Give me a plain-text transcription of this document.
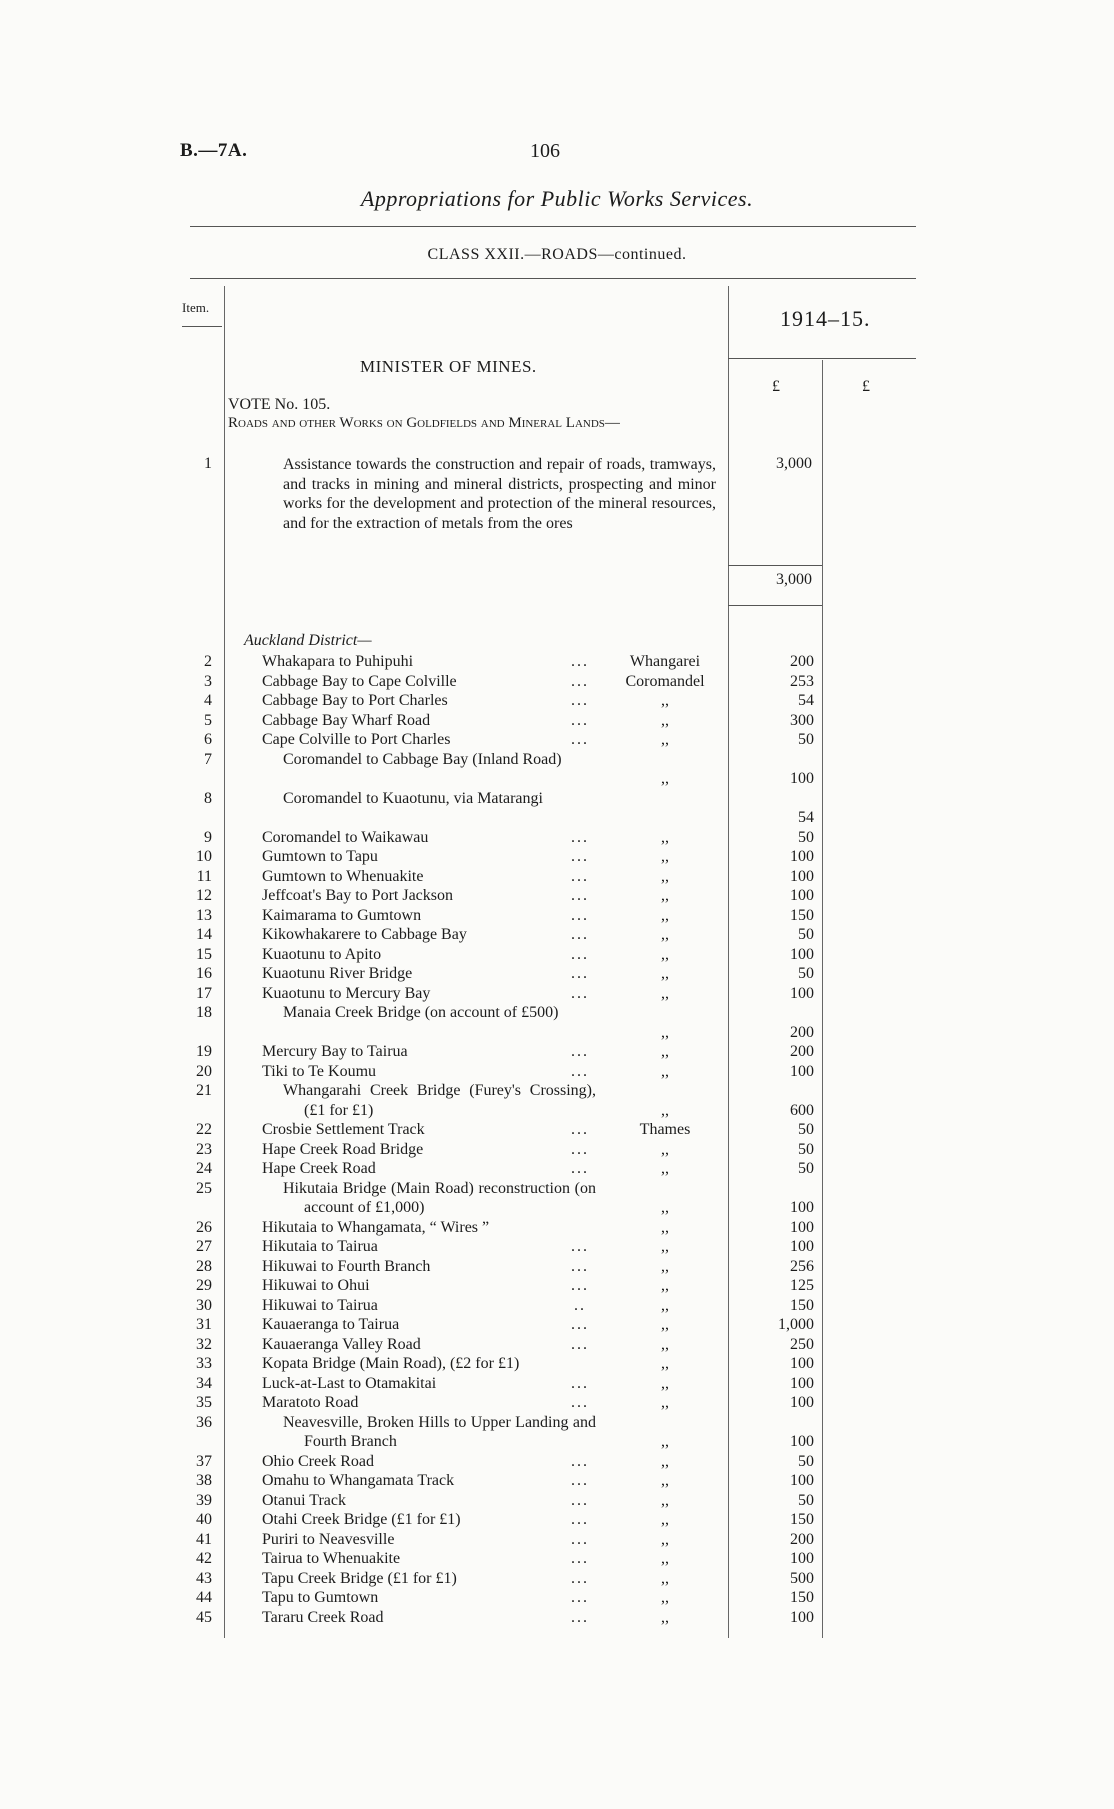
B.—7A.	106
Appropriations for Public Works Services.
CLASS XXII.—ROADS—continued.
Item.	1914–15.
£	£
MINISTER OF MINES.
VOTE No. 105.
Roads and other Works on Goldfields and Mineral Lands—
1	Assistance towards the construction and repair of roads, tramways, and tracks in mining and mineral districts, prospecting and minor works for the development and protection of the mineral resources, and for the extraction of metals from the ores
3,000
3,000
Auckland District—
2	Whakapara to Puhipuhi	...	Whangarei	200
3	Cabbage Bay to Cape Colville	...	Coromandel	253
4	Cabbage Bay to Port Charles	...	,,	54
5	Cabbage Bay Wharf Road	...	,,	300
6	Cape Colville to Port Charles	...	,,	50
7	Coromandel to Cabbage Bay (Inland Road)
,,	100
8	Coromandel to Kuaotunu, via Matarangi
54
9	Coromandel to Waikawau	...	,,	50
10	Gumtown to Tapu	...	,,	100
11	Gumtown to Whenuakite	...	,,	100
12	Jeffcoat's Bay to Port Jackson	...	,,	100
13	Kaimarama to Gumtown	...	,,	150
14	Kikowhakarere to Cabbage Bay	...	,,	50
15	Kuaotunu to Apito	...	,,	100
16	Kuaotunu River Bridge	...	,,	50
17	Kuaotunu to Mercury Bay	...	,,	100
18	Manaia Creek Bridge (on account of £500)
,,	200
19	Mercury Bay to Tairua	...	,,	200
20	Tiki to Te Koumu	...	,,	100
21	Whangarahi Creek Bridge (Furey's Crossing), (£1 for £1)	,,	600
22	Crosbie Settlement Track	...	Thames	50
23	Hape Creek Road Bridge	...	,,	50
24	Hape Creek Road	...	,,	50
25	Hikutaia Bridge (Main Road) reconstruction (on account of £1,000)	,,	100
26	Hikutaia to Whangamata, “ Wires ”	,,	100
27	Hikutaia to Tairua	...	,,	100
28	Hikuwai to Fourth Branch	...	,,	256
29	Hikuwai to Ohui	...	,,	125
30	Hikuwai to Tairua	..	,,	150
31	Kauaeranga to Tairua	...	,,	1,000
32	Kauaeranga Valley Road	...	,,	250
33	Kopata Bridge (Main Road), (£2 for £1)	,,	100
34	Luck-at-Last to Otamakitai	...	,,	100
35	Maratoto Road	...	,,	100
36	Neavesville, Broken Hills to Upper Landing and Fourth Branch	,,	100
37	Ohio Creek Road	...	,,	50
38	Omahu to Whangamata Track	...	,,	100
39	Otanui Track	...	,,	50
40	Otahi Creek Bridge (£1 for £1)	...	,,	150
41	Puriri to Neavesville	...	,,	200
42	Tairua to Whenuakite	...	,,	100
43	Tapu Creek Bridge (£1 for £1)	...	,,	500
44	Tapu to Gumtown	...	,,	150
45	Tararu Creek Road	...	,,	100
